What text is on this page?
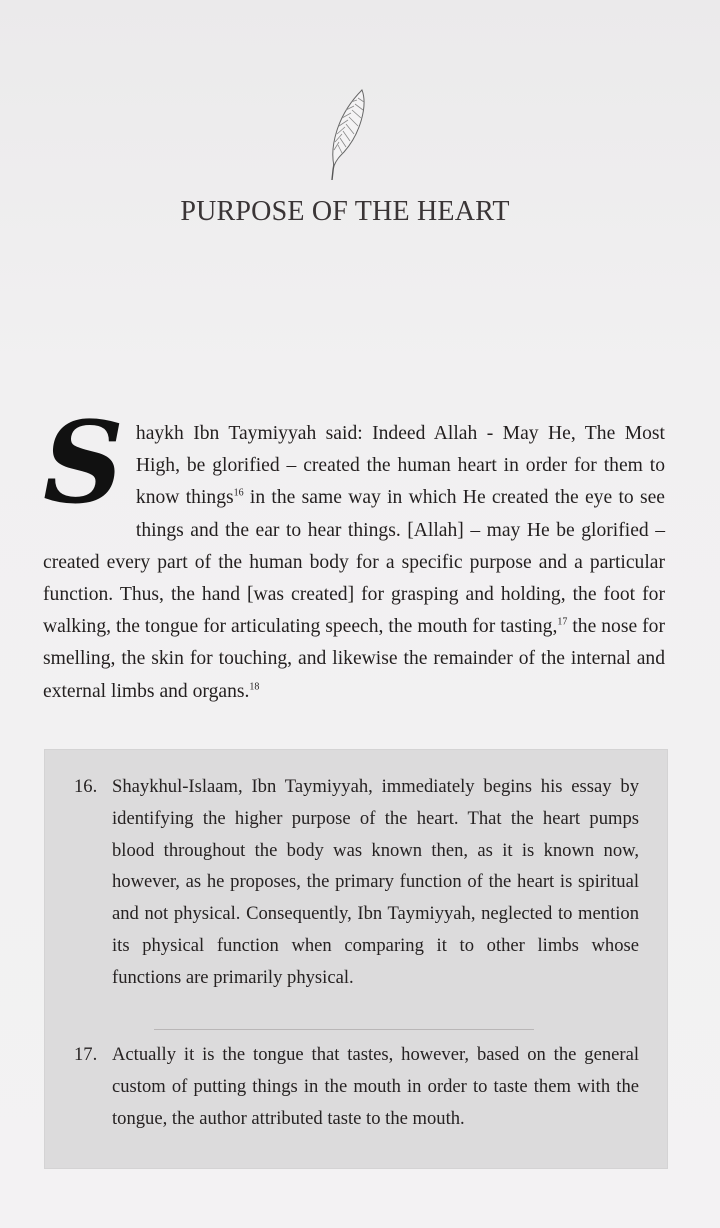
PURPOSE OF THE HEART
Shaykh Ibn Taymiyyah said: Indeed Allah - May He, The Most High, be glorified – created the human heart in order for them to know things$^{16}$ in the same way in which He created the eye to see things and the ear to hear things. [Allah] – may He be glorified – created every part of the human body for a specific purpose and a particular function. Thus, the hand [was created] for grasping and holding, the foot for walking, the tongue for articulating speech, the mouth for tasting,$^{17}$ the nose for smelling, the skin for touching, and likewise the remainder of the internal and external limbs and organs.$^{18}$
16. Shaykhul-Islaam, Ibn Taymiyyah, immediately begins his essay by identifying the higher purpose of the heart. That the heart pumps blood throughout the body was known then, as it is known now, however, as he proposes, the primary function of the heart is spiritual and not physical. Consequently, Ibn Taymiyyah, neglected to mention its physical function when comparing it to other limbs whose functions are primarily physical.
17. Actually it is the tongue that tastes, however, based on the general custom of putting things in the mouth in order to taste them with the tongue, the author attributed taste to the mouth.
